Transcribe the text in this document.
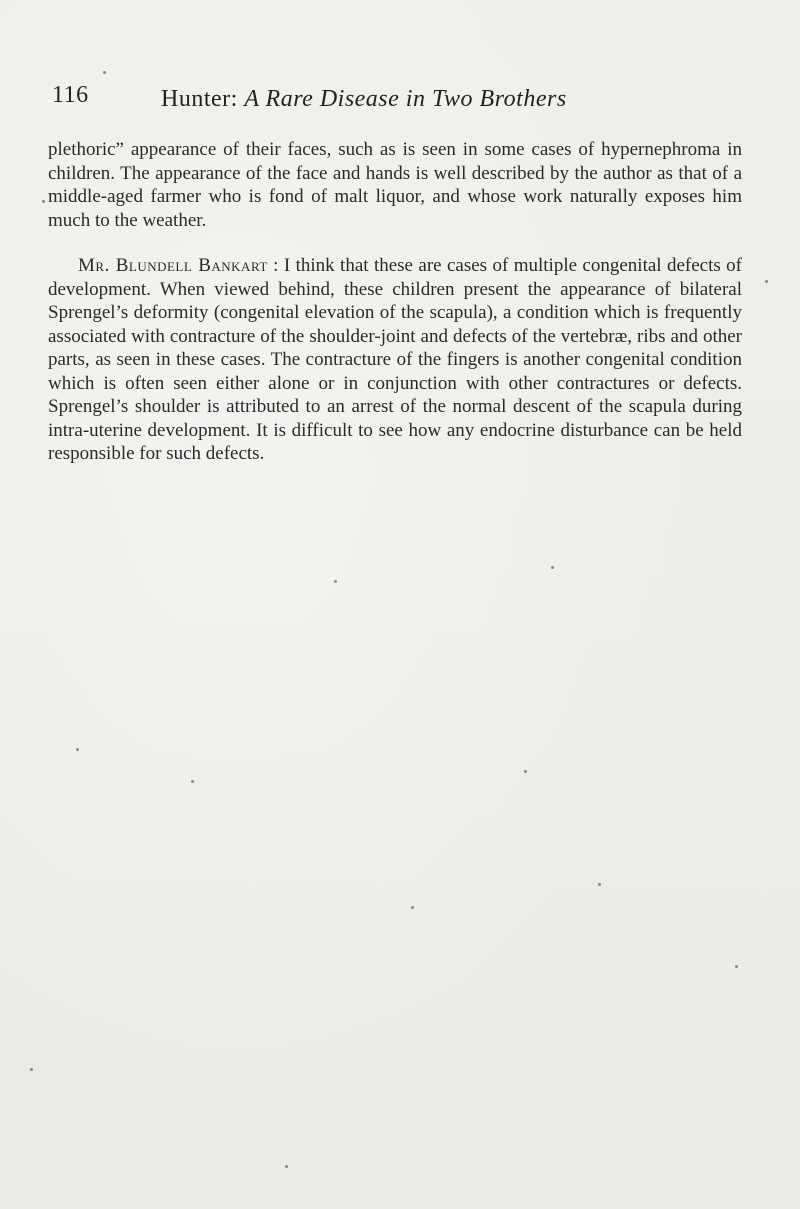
116	Hunter: A Rare Disease in Two Brothers

plethoric” appearance of their faces, such as is seen in some cases of hypernephroma in children. The appearance of the face and hands is well described by the author as that of a middle-aged farmer who is fond of malt liquor, and whose work naturally exposes him much to the weather.

Mr. Blundell Bankart : I think that these are cases of multiple congenital defects of development. When viewed behind, these children present the appearance of bilateral Sprengel’s deformity (congenital elevation of the scapula), a condition which is frequently associated with contracture of the shoulder-joint and defects of the vertebræ, ribs and other parts, as seen in these cases. The contracture of the fingers is another congenital condition which is often seen either alone or in conjunction with other contractures or defects. Sprengel’s shoulder is attributed to an arrest of the normal descent of the scapula during intra-uterine development. It is difficult to see how any endocrine disturbance can be held responsible for such defects.
